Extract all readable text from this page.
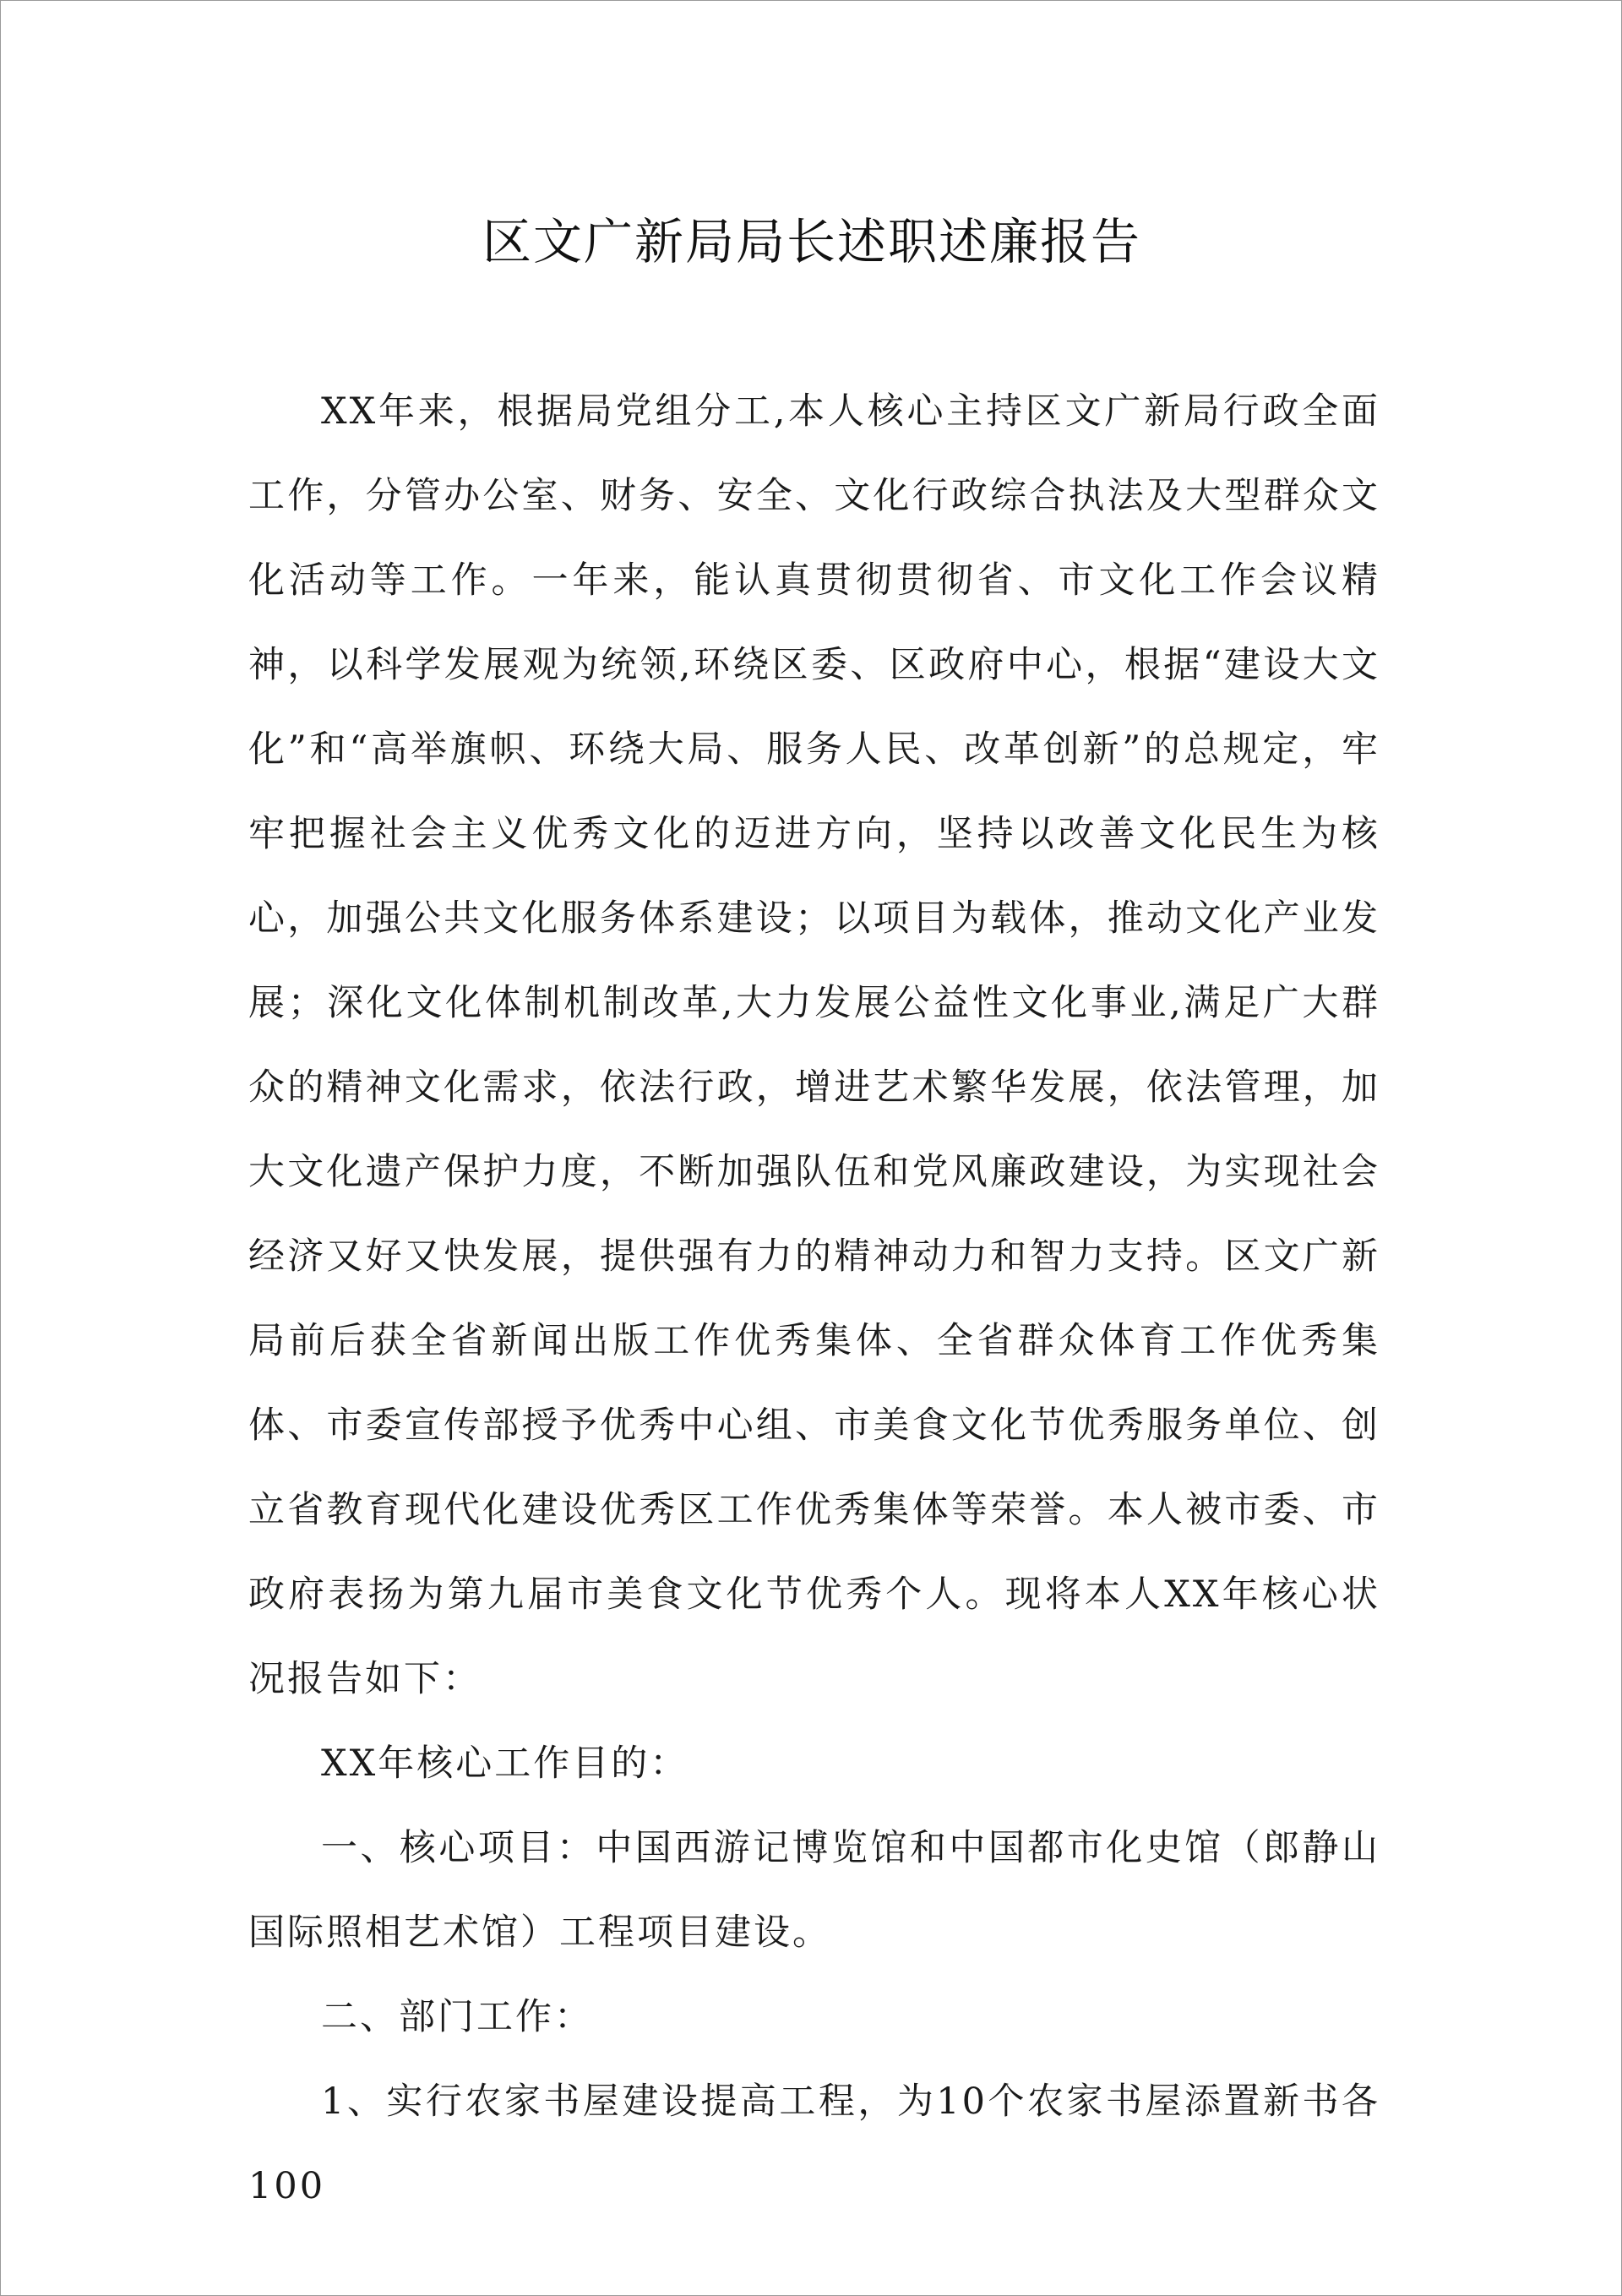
区文广新局局长述职述廉报告

XX年来，根据局党组分工,本人核心主持区文广新局行政全面工作，分管办公室、财务、安全、文化行政综合执法及大型群众文化活动等工作。一年来，能认真贯彻贯彻省、市文化工作会议精神，以科学发展观为统领,环绕区委、区政府中心，根据“建设大文化”和“高举旗帜、环绕大局、服务人民、改革创新”的总规定，牢牢把握社会主义优秀文化的迈进方向，坚持以改善文化民生为核心，加强公共文化服务体系建设；以项目为载体，推动文化产业发展；深化文化体制机制改革,大力发展公益性文化事业,满足广大群众的精神文化需求，依法行政，增进艺术繁华发展，依法管理，加大文化遗产保护力度，不断加强队伍和党风廉政建设，为实现社会经济又好又快发展，提供强有力的精神动力和智力支持。区文广新局前后获全省新闻出版工作优秀集体、全省群众体育工作优秀集体、市委宣传部授予优秀中心组、市美食文化节优秀服务单位、创立省教育现代化建设优秀区工作优秀集体等荣誉。本人被市委、市政府表扬为第九届市美食文化节优秀个人。现将本人XX年核心状况报告如下：

XX年核心工作目的：

一、核心项目：中国西游记博览馆和中国都市化史馆（郎静山国际照相艺术馆）工程项目建设。

二、部门工作：

1、实行农家书屋建设提高工程，为10个农家书屋添置新书各100
